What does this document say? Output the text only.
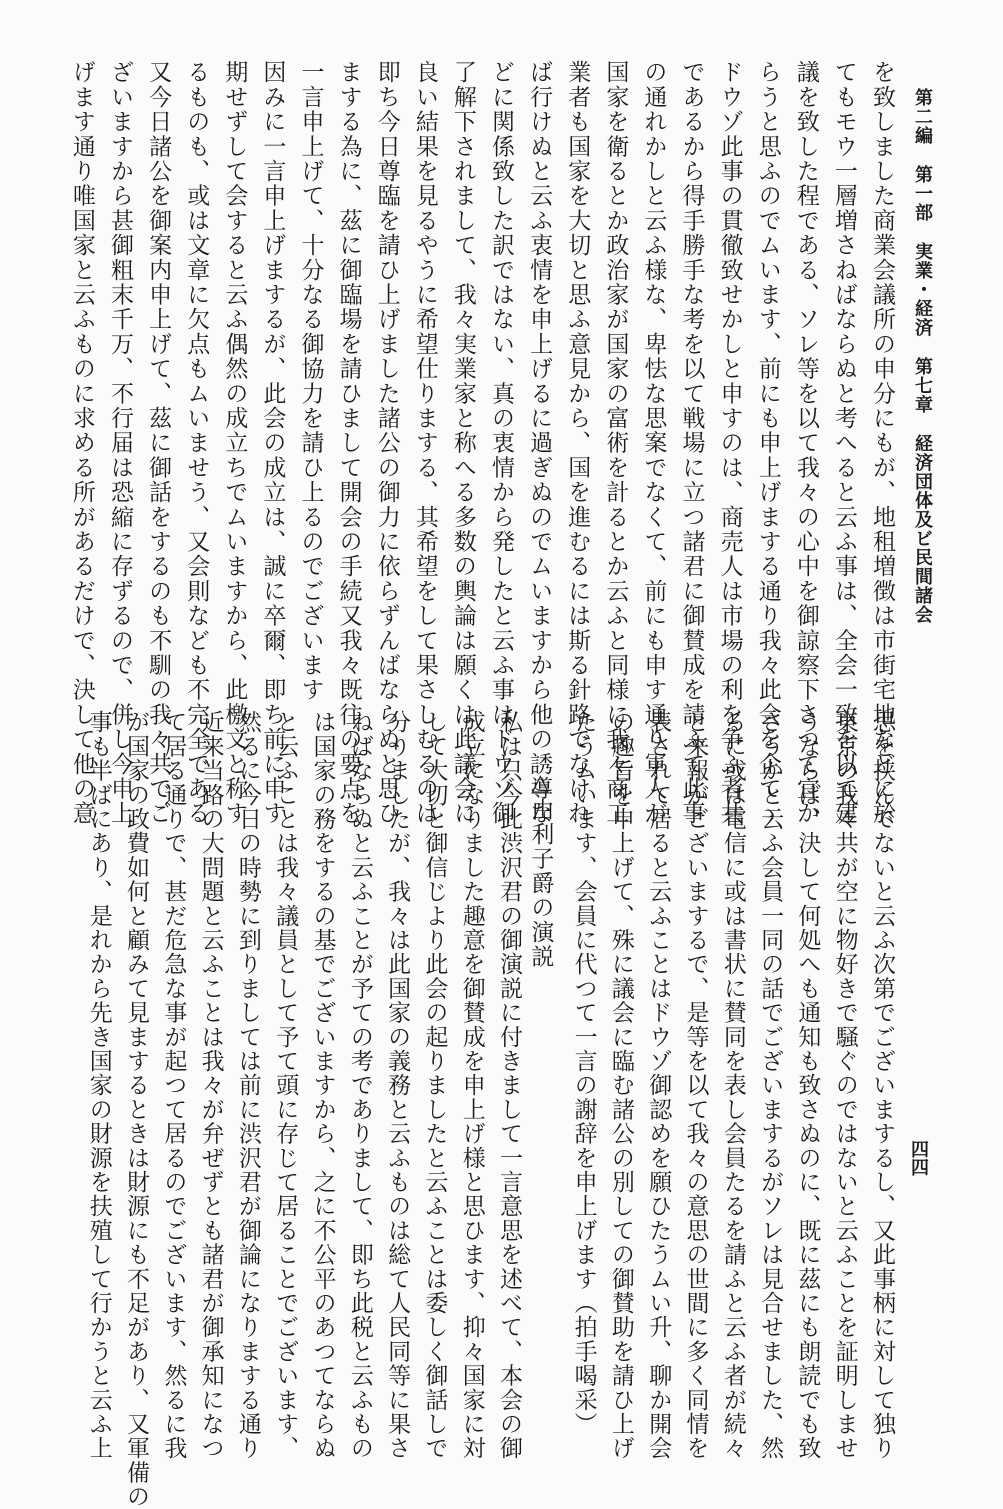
第二編第一部実業・経済第七章経済団体及ビ民間諸会
四四

を致しました商業会議所の申分にもが、地租増徴は市街宅地などに於

てもモウ一層増さねばならぬと考へると云ふ事は、全会一致を以て建

議を致した程である、ソレ等を以て我々の心中を御諒察下さつて宜か

らうと思ふのでムいます、前にも申上げまする通り我々此会を企てゝ

ドウゾ此事の貫徹致せかしと申すのは、商売人は市場の利を争ふ者共

であるから得手勝手な考を以て戦場に立つ諸君に御賛成を請ふて此事

の通れかしと云ふ様な、卑怯な思案でなくて、前にも申す通り軍人が

国家を衛るとか政治家が国家の富術を計るとか云ふと同様に我々商工

業者も国家を大切と思ふ意見から、国を進むるには斯る針路でなけれ

ば行けぬと云ふ衷情を申上げるに過ぎぬのでムいますから他の誘導な

どに関係致した訳ではない、真の衷情から発したと云ふ事はドウゾ御

了解下されまして、我々実業家と称へる多数の輿論は願くは此議会に

良い結果を見るやうに希望仕りまする、其希望をして果さしむるのは

即ち今日尊臨を請ひ上げました諸公の御力に依らずんばならぬと思ひ

まする為に、茲に御臨場を請ひまして開会の手続又我々既往の要点を

一言申上げて、十分なる御協力を請ひ上るのでございます

因みに一言申上げまするが、此会の成立は、誠に卒爾、即ち前に申す

期せずして会すると云ふ偶然の成立ちでムいますから、此檄文と称す

るものも、或は文章に欠点もムいませう、又会則なども不完全である

又今日諸公を御案内申上げて、茲に御話をするのも不馴の我々共でご

ざいますから甚御粗末千万、不行届は恐縮に存ずるので、併し今申上

げます通り唯国家と云ふものに求める所があるだけで、決して他の意

思を挟んでないと云ふ次第でございまするし、又此事柄に対して独り

東京の我々共が空に物好きで騒ぐのではないと云ふことを証明しませ

うならば、決して何処へも通知も致さぬのに、既に茲にも朗読でも致

さうかと云ふ会員一同の話でございまするがソレは見合せました、然

るに或は電信に或は書状に賛同を表し会員たるを請ふと云ふ者が続々

と来報がございまするで、是等を以て我々の意思の世間に多く同情を

表されて居ると云ふことはドウゾ御認めを願ひたうムい升、聊か開会

の趣旨を申上げて、殊に議会に臨む諸公の別しての御賛助を請ひ上げ

たうムいます、会員に代つて一言の謝辞を申上げます（拍手喝采）

△由利子爵の演説

私は只今此渋沢君の御演説に付きまして一言意思を述べて、本会の御

成立になりました趣意を御賛成を申上げ様と思ひます、抑々国家に対

して大切と御信じより此会の起りましたと云ふことは委しく御話しで

分りましたが、我々は此国家の義務と云ふものは総て人民同等に果さ

ねばならぬと云ふことが予ての考でありまして、即ち此税と云ふもの

は国家の務をするの基でございますから、之に不公平のあつてならぬ

と云ふことは我々議員として予て頭に存じて居ることでございます、

然るに今日の時勢に到りましては前に渋沢君が御論になりまする通り

近来当路の大問題と云ふことは我々が弁ぜずとも諸君が御承知になつ

て居る通りで、甚だ危急な事が起つて居るのでございます、然るに我

が国家の政費如何と顧みて見まするときは財源にも不足があり、又軍備の

事も半ばにあり、是れから先き国家の財源を扶殖して行かうと云ふ上
